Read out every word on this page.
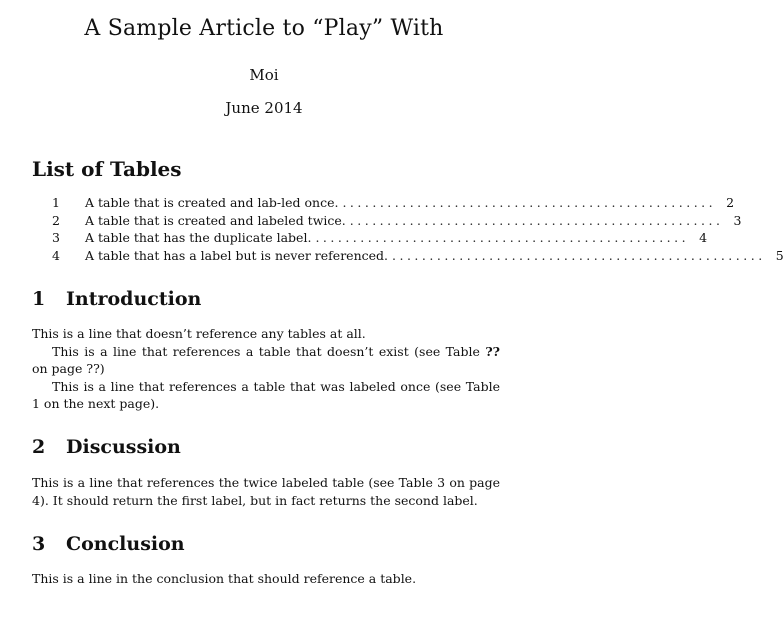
A Sample Article to “Play” With
Moi
June 2014
List of Tables
1	A table that is created and lab-led once. .................................................. 2
2	A table that is created and labeled twice. .................................................. 3
3	A table that has the duplicate label. .................................................. 4
4	A table that has a label but is never referenced. .................................................. 5
1 Introduction

This is a line that doesn’t reference any tables at all.

This is a line that references a table that doesn’t exist (see Table ?? on page ??)

This is a line that references a table that was labeled once (see Table 1 on the next page).

2 Discussion

This is a line that references the twice labeled table (see Table 3 on page 4). It should return the first label, but in fact returns the second label.

3 Conclusion

This is a line in the conclusion that should reference a table.
